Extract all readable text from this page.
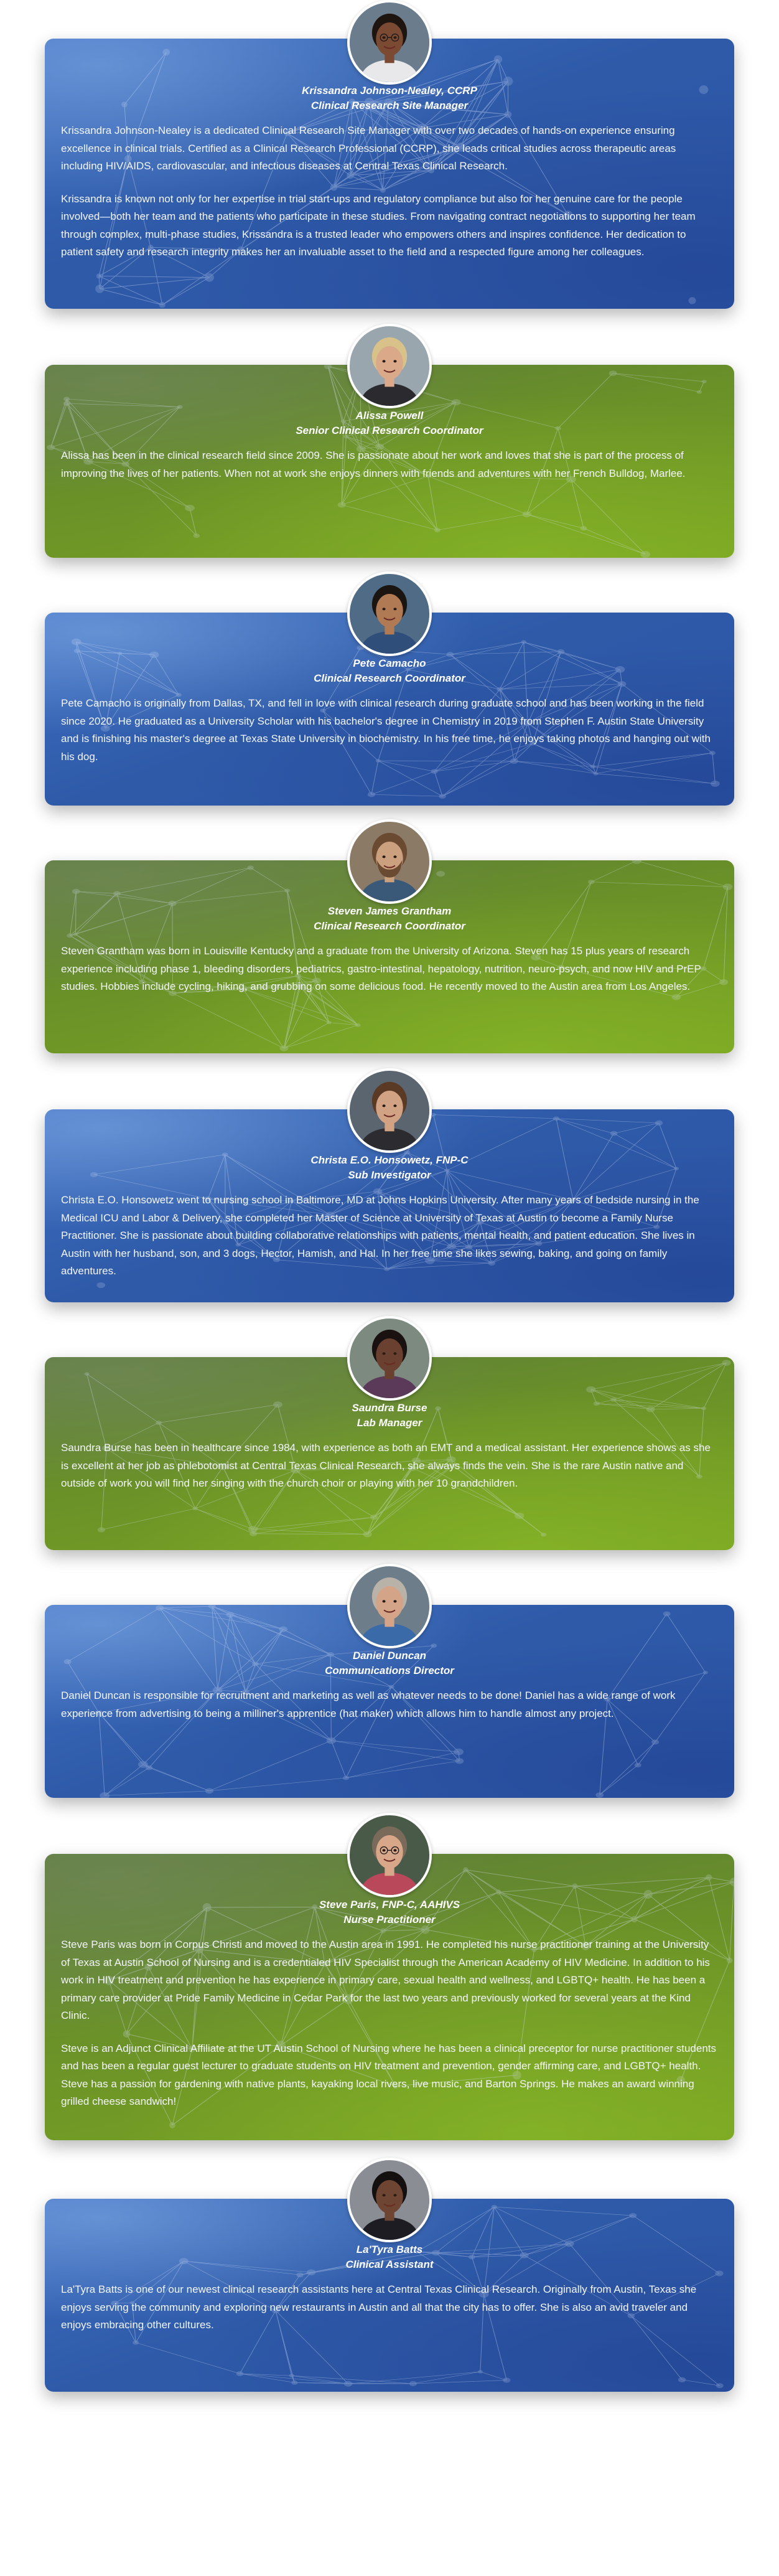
Krissandra Johnson-Nealey, CCRP
Clinical Research Site Manager

Krissandra Johnson-Nealey is a dedicated Clinical Research Site Manager with over two decades of hands-on experience ensuring excellence in clinical trials. Certified as a Clinical Research Professional (CCRP), she leads critical studies across therapeutic areas including HIV/AIDS, cardiovascular, and infectious diseases at Central Texas Clinical Research.

Krissandra is known not only for her expertise in trial start-ups and regulatory compliance but also for her genuine care for the people involved—both her team and the patients who participate in these studies. From navigating contract negotiations to supporting her team through complex, multi-phase studies, Krissandra is a trusted leader who empowers others and inspires confidence. Her dedication to patient safety and research integrity makes her an invaluable asset to the field and a respected figure among her colleagues.

Alissa Powell
Senior Clinical Research Coordinator

Alissa has been in the clinical research field since 2009. She is passionate about her work and loves that she is part of the process of improving the lives of her patients. When not at work she enjoys dinners with friends and adventures with her French Bulldog, Marlee.

Pete Camacho
Clinical Research Coordinator

Pete Camacho is originally from Dallas, TX, and fell in love with clinical research during graduate school and has been working in the field since 2020. He graduated as a University Scholar with his bachelor's degree in Chemistry in 2019 from Stephen F. Austin State University and is finishing his master's degree at Texas State University in biochemistry. In his free time, he enjoys taking photos and hanging out with his dog.

Steven James Grantham
Clinical Research Coordinator

Steven Grantham was born in Louisville Kentucky and a graduate from the University of Arizona. Steven has 15 plus years of research experience including phase 1, bleeding disorders, pediatrics, gastro-intestinal, hepatology, nutrition, neuro-psych, and now HIV and PrEP studies. Hobbies include cycling, hiking, and grubbing on some delicious food. He recently moved to the Austin area from Los Angeles.

Christa E.O. Honsowetz, FNP-C
Sub Investigator

Christa E.O. Honsowetz went to nursing school in Baltimore, MD at Johns Hopkins University. After many years of bedside nursing in the Medical ICU and Labor & Delivery, she completed her Master of Science at University of Texas at Austin to become a Family Nurse Practitioner. She is passionate about building collaborative relationships with patients, mental health, and patient education. She lives in Austin with her husband, son, and 3 dogs, Hector, Hamish, and Hal. In her free time she likes sewing, baking, and going on family adventures.

Saundra Burse
Lab Manager

Saundra Burse has been in healthcare since 1984, with experience as both an EMT and a medical assistant. Her experience shows as she is excellent at her job as phlebotomist at Central Texas Clinical Research, she always finds the vein. She is the rare Austin native and outside of work you will find her singing with the church choir or playing with her 10 grandchildren.

Daniel Duncan
Communications Director

Daniel Duncan is responsible for recruitment and marketing as well as whatever needs to be done! Daniel has a wide range of work experience from advertising to being a milliner's apprentice (hat maker) which allows him to handle almost any project.

Steve Paris, FNP-C, AAHIVS
Nurse Practitioner

Steve Paris was born in Corpus Christi and moved to the Austin area in 1991. He completed his nurse practitioner training at the University of Texas at Austin School of Nursing and is a credentialed HIV Specialist through the American Academy of HIV Medicine. In addition to his work in HIV treatment and prevention he has experience in primary care, sexual health and wellness, and LGBTQ+ health. He has been a primary care provider at Pride Family Medicine in Cedar Park for the last two years and previously worked for several years at the Kind Clinic.

Steve is an Adjunct Clinical Affiliate at the UT Austin School of Nursing where he has been a clinical preceptor for nurse practitioner students and has been a regular guest lecturer to graduate students on HIV treatment and prevention, gender affirming care, and LGBTQ+ health. Steve has a passion for gardening with native plants, kayaking local rivers, live music, and Barton Springs. He makes an award winning grilled cheese sandwich!

La'Tyra Batts
Clinical Assistant

La'Tyra Batts is one of our newest clinical research assistants here at Central Texas Clinical Research. Originally from Austin, Texas she enjoys serving the community and exploring new restaurants in Austin and all that the city has to offer. She is also an avid traveler and enjoys embracing other cultures.
